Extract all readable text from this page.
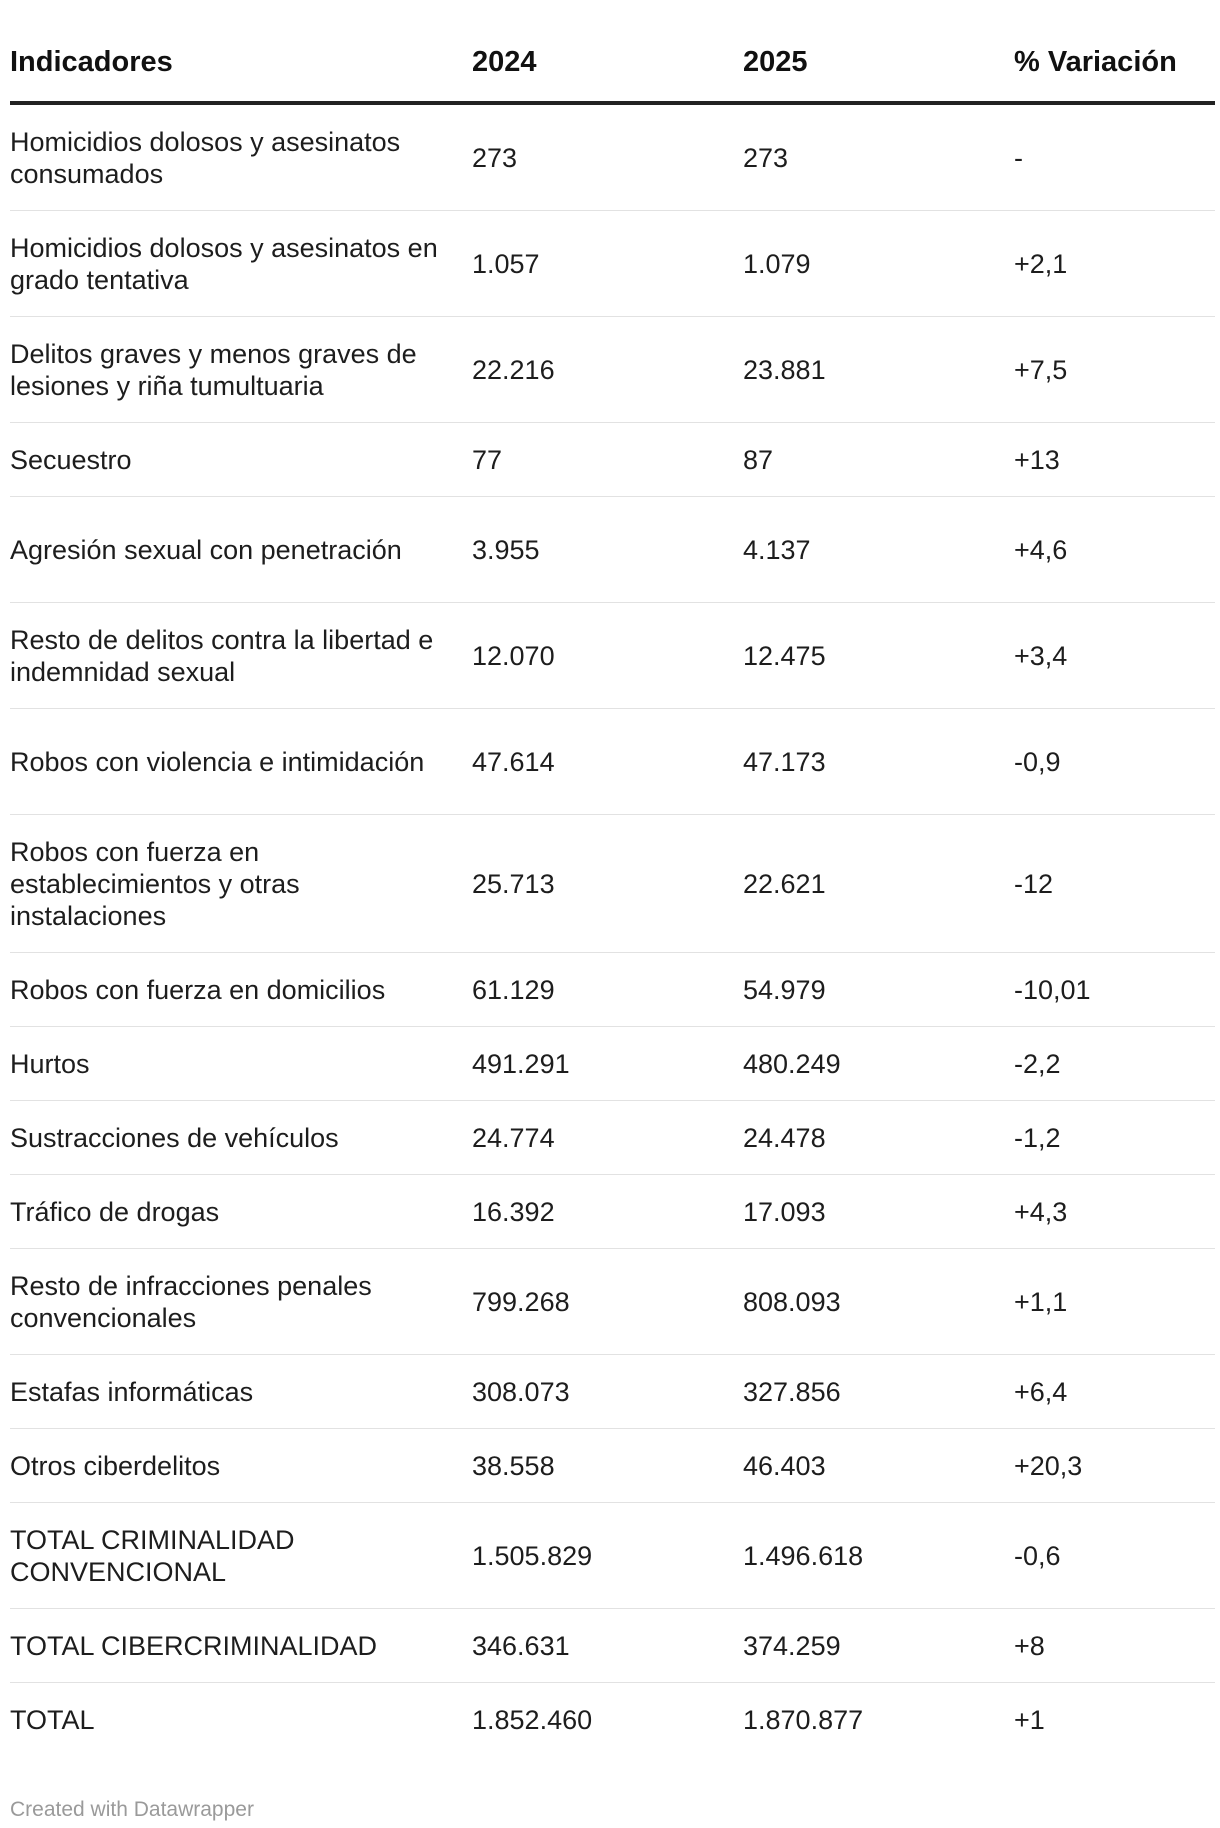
Indicadores	2024	2025	% Variación
Homicidios dolosos y asesinatos consumados	273	273	-
Homicidios dolosos y asesinatos en grado tentativa	1.057	1.079	+2,1
Delitos graves y menos graves de lesiones y riña tumultuaria	22.216	23.881	+7,5
Secuestro	77	87	+13
Agresión sexual con penetración	3.955	4.137	+4,6
Resto de delitos contra la libertad e indemnidad sexual	12.070	12.475	+3,4
Robos con violencia e intimidación	47.614	47.173	-0,9
Robos con fuerza en establecimientos y otras instalaciones	25.713	22.621	-12
Robos con fuerza en domicilios	61.129	54.979	-10,01
Hurtos	491.291	480.249	-2,2
Sustracciones de vehículos	24.774	24.478	-1,2
Tráfico de drogas	16.392	17.093	+4,3
Resto de infracciones penales convencionales	799.268	808.093	+1,1
Estafas informáticas	308.073	327.856	+6,4
Otros ciberdelitos	38.558	46.403	+20,3
TOTAL CRIMINALIDAD CONVENCIONAL	1.505.829	1.496.618	-0,6
TOTAL CIBERCRIMINALIDAD	346.631	374.259	+8
TOTAL	1.852.460	1.870.877	+1
Created with Datawrapper
